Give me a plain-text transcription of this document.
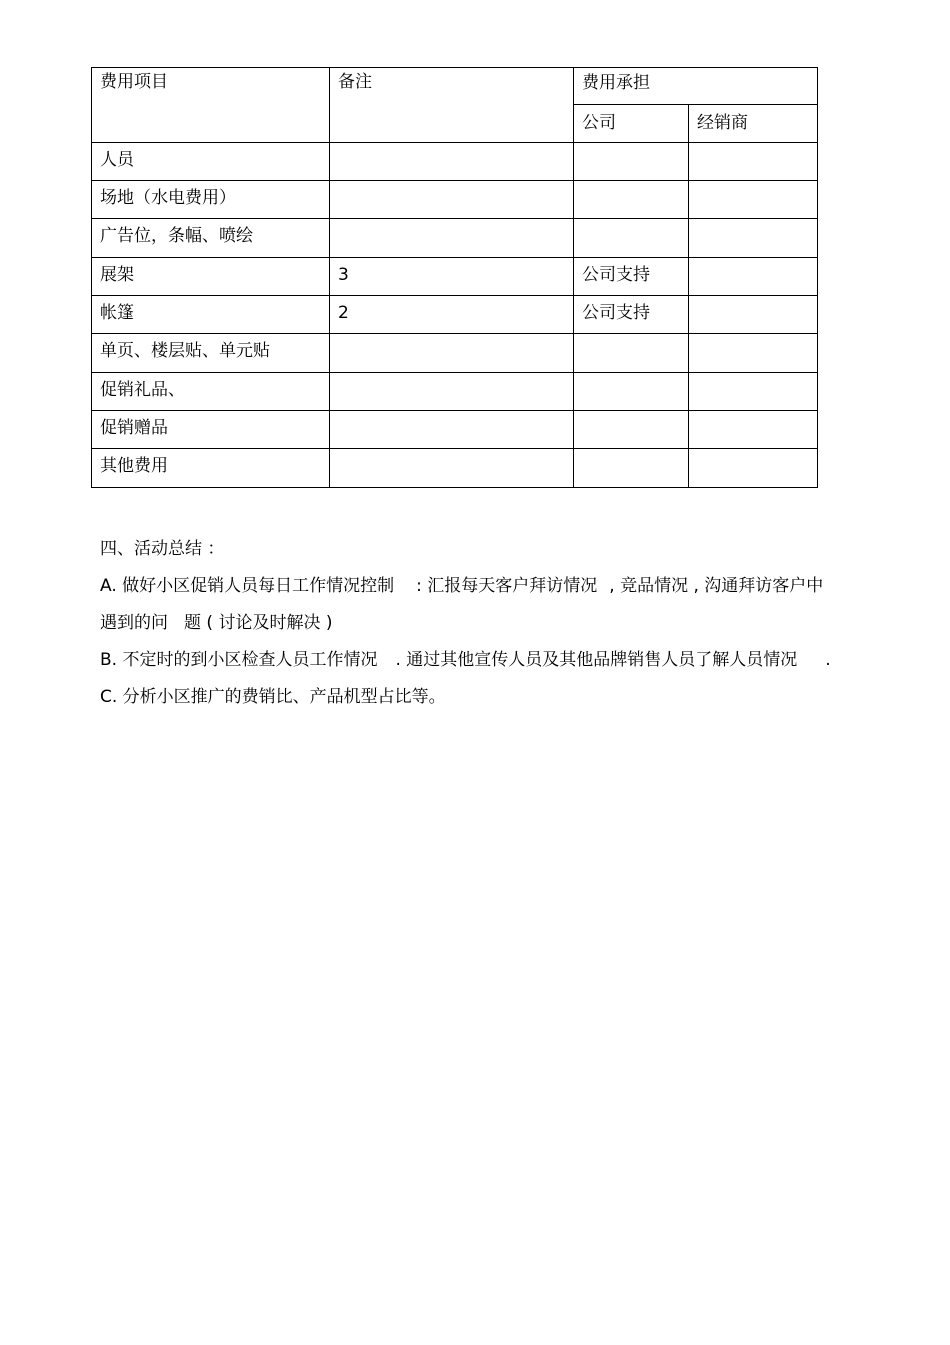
费用项目	备注	费用承担	
		公司	经销商
人员			
场地（水电费用）			
广告位，条幅、喷绘			
展架	3	公司支持	
帐篷	2	公司支持	
单页、楼层贴、单元贴			
促销礼品、			
促销赠品			
其他费用			

四、活动总结 ：

A. 做好小区促销人员每日工作情况控制 : 汇报每天客户拜访情况 , 竞品情况 , 沟通拜访客户中

遇到的问 题 ( 讨论及时解决 )

B. 不定时的到小区检查人员工作情况 . 通过其他宣传人员及其他品牌销售人员了解人员情况 .

C. 分析小区推广的费销比、产品机型占比等。
